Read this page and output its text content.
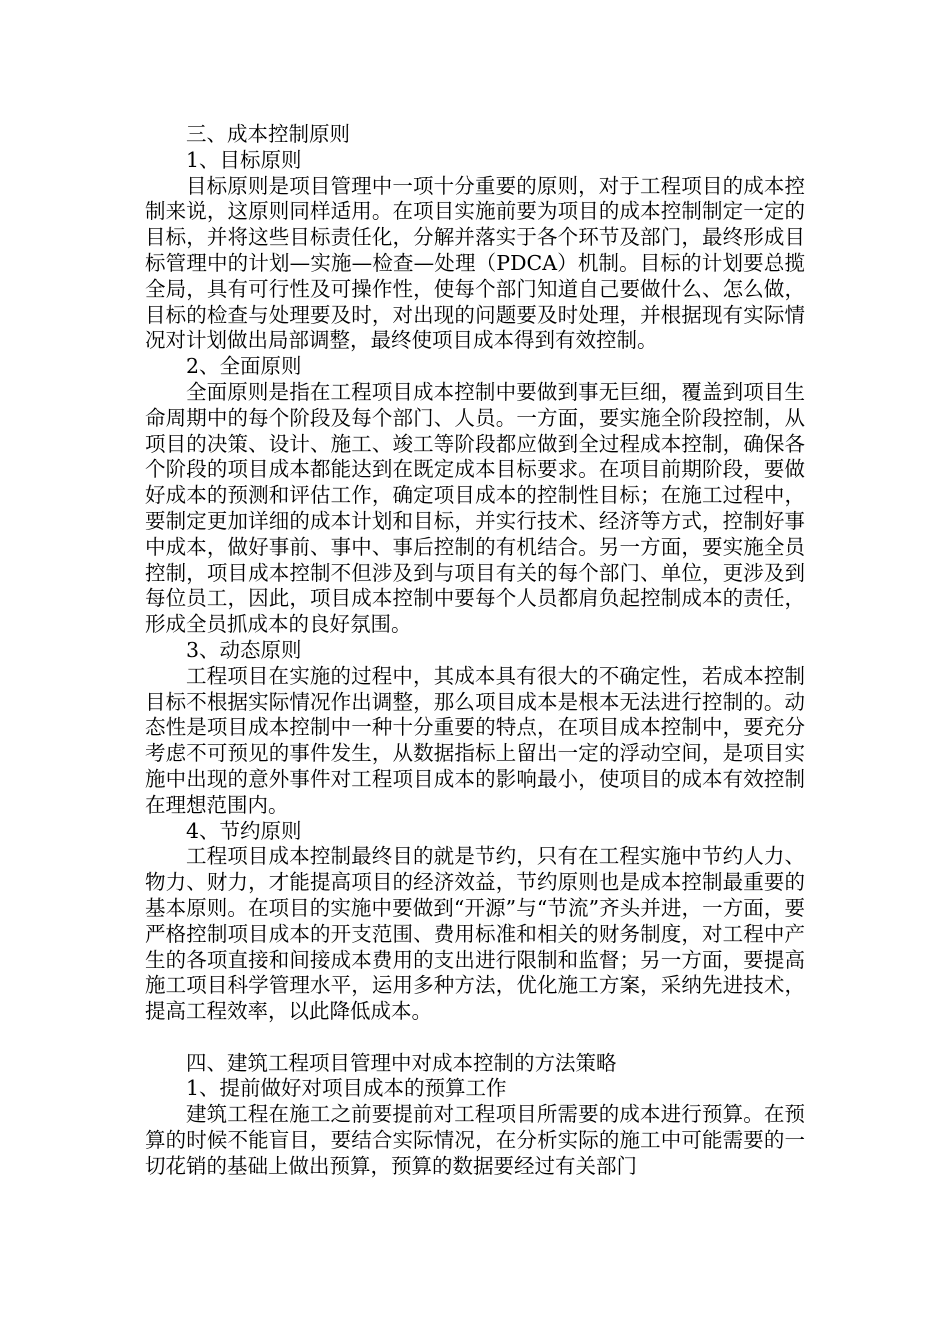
三、成本控制原则

1、目标原则

目标原则是项目管理中一项十分重要的原则，对于工程项目的成本控制来说，这原则同样适用。在项目实施前要为项目的成本控制制定一定的目标，并将这些目标责任化，分解并落实于各个环节及部门，最终形成目标管理中的计划—实施—检查—处理（PDCA）机制。目标的计划要总揽全局，具有可行性及可操作性，使每个部门知道自己要做什么、怎么做，目标的检查与处理要及时，对出现的问题要及时处理，并根据现有实际情况对计划做出局部调整，最终使项目成本得到有效控制。

2、全面原则

全面原则是指在工程项目成本控制中要做到事无巨细，覆盖到项目生命周期中的每个阶段及每个部门、人员。一方面，要实施全阶段控制，从项目的决策、设计、施工、竣工等阶段都应做到全过程成本控制，确保各个阶段的项目成本都能达到在既定成本目标要求。在项目前期阶段，要做好成本的预测和评估工作，确定项目成本的控制性目标；在施工过程中，要制定更加详细的成本计划和目标，并实行技术、经济等方式，控制好事中成本，做好事前、事中、事后控制的有机结合。另一方面，要实施全员控制，项目成本控制不但涉及到与项目有关的每个部门、单位，更涉及到每位员工，因此，项目成本控制中要每个人员都肩负起控制成本的责任，形成全员抓成本的良好氛围。

3、动态原则

工程项目在实施的过程中，其成本具有很大的不确定性，若成本控制目标不根据实际情况作出调整，那么项目成本是根本无法进行控制的。动态性是项目成本控制中一种十分重要的特点，在项目成本控制中，要充分考虑不可预见的事件发生，从数据指标上留出一定的浮动空间，是项目实施中出现的意外事件对工程项目成本的影响最小，使项目的成本有效控制在理想范围内。

4、节约原则

工程项目成本控制最终目的就是节约，只有在工程实施中节约人力、物力、财力，才能提高项目的经济效益，节约原则也是成本控制最重要的基本原则。在项目的实施中要做到“开源”与“节流”齐头并进，一方面，要严格控制项目成本的开支范围、费用标准和相关的财务制度，对工程中产生的各项直接和间接成本费用的支出进行限制和监督；另一方面，要提高施工项目科学管理水平，运用多种方法，优化施工方案，采纳先进技术，提高工程效率，以此降低成本。

四、建筑工程项目管理中对成本控制的方法策略

1、提前做好对项目成本的预算工作

建筑工程在施工之前要提前对工程项目所需要的成本进行预算。在预算的时候不能盲目，要结合实际情况，在分析实际的施工中可能需要的一切花销的基础上做出预算，预算的数据要经过有关部门
